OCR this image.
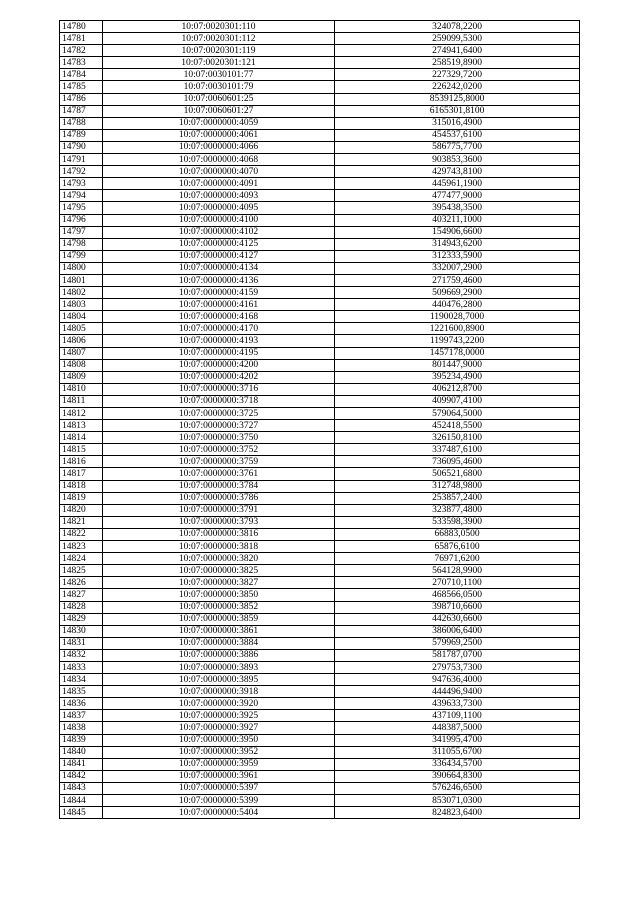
14780	10:07:0020301:110	324078,2200
14781	10:07:0020301:112	259099,5300
14782	10:07:0020301:119	274941,6400
14783	10:07:0020301:121	258519,8900
14784	10:07:0030101:77	227329,7200
14785	10:07:0030101:79	226242,0200
14786	10:07:0060601:25	8539125,8000
14787	10:07:0060601:27	6165301,8100
14788	10:07:0000000:4059	315016,4900
14789	10:07:0000000:4061	454537,6100
14790	10:07:0000000:4066	586775,7700
14791	10:07:0000000:4068	903853,3600
14792	10:07:0000000:4070	429743,8100
14793	10:07:0000000:4091	445961,1900
14794	10:07:0000000:4093	477477,9000
14795	10:07:0000000:4095	395438,3500
14796	10:07:0000000:4100	403211,1000
14797	10:07:0000000:4102	154906,6600
14798	10:07:0000000:4125	314943,6200
14799	10:07:0000000:4127	312333,5900
14800	10:07:0000000:4134	332007,2900
14801	10:07:0000000:4136	271759,4600
14802	10:07:0000000:4159	509669,2900
14803	10:07:0000000:4161	440476,2800
14804	10:07:0000000:4168	1190028,7000
14805	10:07:0000000:4170	1221600,8900
14806	10:07:0000000:4193	1199743,2200
14807	10:07:0000000:4195	1457178,0000
14808	10:07:0000000:4200	801447,9000
14809	10:07:0000000:4202	395234,4900
14810	10:07:0000000:3716	406212,8700
14811	10:07:0000000:3718	409907,4100
14812	10:07:0000000:3725	579064,5000
14813	10:07:0000000:3727	452418,5500
14814	10:07:0000000:3750	326150,8100
14815	10:07:0000000:3752	337487,6100
14816	10:07:0000000:3759	736095,4600
14817	10:07:0000000:3761	506521,6800
14818	10:07:0000000:3784	312748,9800
14819	10:07:0000000:3786	253857,2400
14820	10:07:0000000:3791	323877,4800
14821	10:07:0000000:3793	533598,3900
14822	10:07:0000000:3816	66883,0500
14823	10:07:0000000:3818	65876,6100
14824	10:07:0000000:3820	76971,6200
14825	10:07:0000000:3825	564128,9900
14826	10:07:0000000:3827	270710,1100
14827	10:07:0000000:3850	468566,0500
14828	10:07:0000000:3852	398710,6600
14829	10:07:0000000:3859	442630,6600
14830	10:07:0000000:3861	386006,6400
14831	10:07:0000000:3884	579969,2500
14832	10:07:0000000:3886	581787,0700
14833	10:07:0000000:3893	279753,7300
14834	10:07:0000000:3895	947636,4000
14835	10:07:0000000:3918	444496,9400
14836	10:07:0000000:3920	439633,7300
14837	10:07:0000000:3925	437109,1100
14838	10:07:0000000:3927	448387,5000
14839	10:07:0000000:3950	341995,4700
14840	10:07:0000000:3952	311055,6700
14841	10:07:0000000:3959	336434,5700
14842	10:07:0000000:3961	390664,8300
14843	10:07:0000000:5397	576246,6500
14844	10:07:0000000:5399	853071,0300
14845	10:07:0000000:5404	824823,6400
